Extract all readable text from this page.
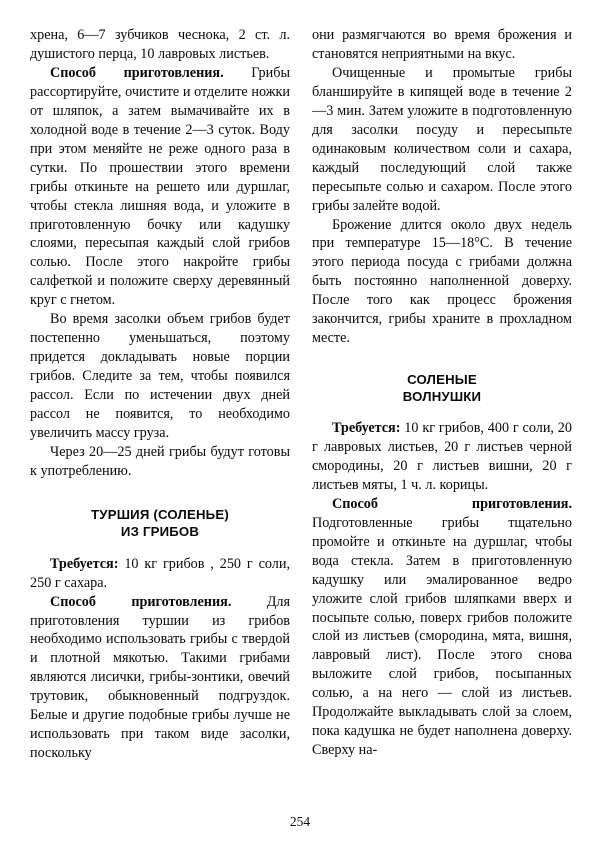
хрена, 6—7 зубчиков чеснока, 2 ст. л. душистого перца, 10 лавровых листьев.

Способ приготовления. Грибы рассортируйте, очистите и отделите ножки от шляпок, а затем вымачивайте их в холодной воде в течение 2—3 суток. Воду при этом меняйте не реже одного раза в сутки. По прошествии этого времени грибы откиньте на решето или дуршлаг, чтобы стекла лишняя вода, и уложите в приготовленную бочку или кадушку слоями, пересыпая каждый слой грибов солью. После этого накройте грибы салфеткой и положите сверху деревянный круг с гнетом.

Во время засолки объем грибов будет постепенно уменьшаться, поэтому придется докладывать новые порции грибов. Следите за тем, чтобы появился рассол. Если по истечении двух дней рассол не появится, то необходимо увеличить массу груза.

Через 20—25 дней грибы будут готовы к употреблению.

ТУРШИЯ (СОЛЕНЬЕ)
ИЗ ГРИБОВ

Требуется: 10 кг грибов , 250 г соли, 250 г сахара.

Способ приготовления. Для приготовления туршии из грибов необходимо использовать грибы с твердой и плотной мякотью. Такими грибами являются лисички, грибы-зонтики, овечий трутовик, обыкновенный подгруздок. Белые и другие подобные грибы лучше не использовать при таком виде засолки, поскольку

они размягчаются во время брожения и становятся неприятными на вкус.

Очищенные и промытые грибы бланшируйте в кипящей воде в течение 2—3 мин. Затем уложите в подготовленную для засолки посуду и пересыпьте одинаковым количеством соли и сахара, каждый последующий слой также пересыпьте солью и сахаром. После этого грибы залейте водой.

Брожение длится около двух недель при температуре 15—18°С. В течение этого периода посуда с грибами должна быть постоянно наполненной доверху. После того как процесс брожения закончится, грибы храните в прохладном месте.

СОЛЕНЫЕ
ВОЛНУШКИ

Требуется: 10 кг грибов, 400 г соли, 20 г лавровых листьев, 20 г листьев черной смородины, 20 г листьев вишни, 20 г листьев мяты, 1 ч. л. корицы.

Способ приготовления. Подготовленные грибы тщательно промойте и откиньте на дуршлаг, чтобы вода стекла. Затем в приготовленную кадушку или эмалированное ведро уложите слой грибов шляпками вверх и посыпьте солью, поверх грибов положите слой из листьев (смородина, мята, вишня, лавровый лист). После этого снова выложите слой грибов, посыпанных солью, а на него — слой из листьев. Продолжайте выкладывать слой за слоем, пока кадушка не будет наполнена доверху. Сверху на-

254
